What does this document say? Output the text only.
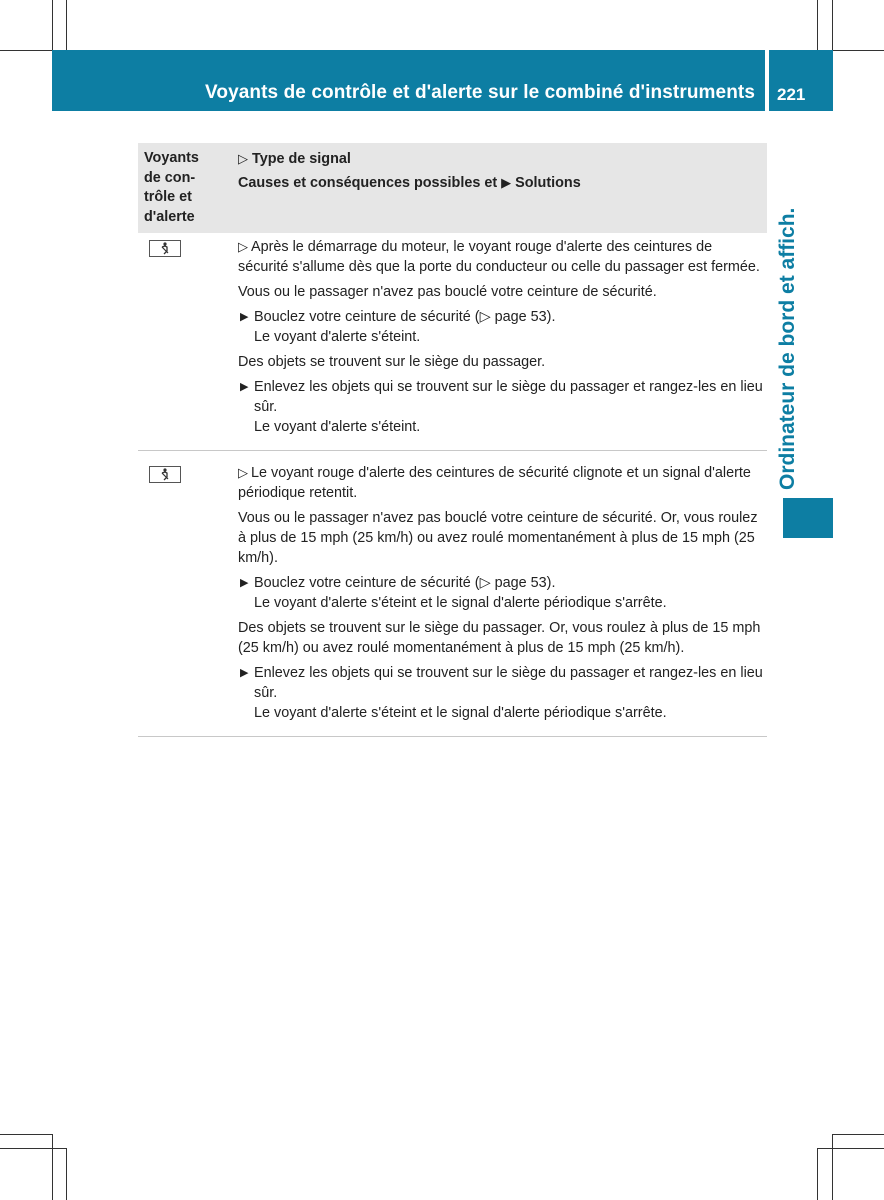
Voyants de contrôle et d'alerte sur le combiné d'instruments 221
Ordinateur de bord et affich.
Voyants
de con-
trôle et
d'alerte
▷ Type de signal
Causes et conséquences possibles et ▶ Solutions

▷ Après le démarrage du moteur, le voyant rouge d'alerte des ceintures de sécurité s'allume dès que la porte du conducteur ou celle du passager est fermée.

Vous ou le passager n'avez pas bouclé votre ceinture de sécurité.

▶ Bouclez votre ceinture de sécurité (▷ page 53).
Le voyant d'alerte s'éteint.

Des objets se trouvent sur le siège du passager.

▶ Enlevez les objets qui se trouvent sur le siège du passager et rangez-les en lieu sûr.
Le voyant d'alerte s'éteint.

▷ Le voyant rouge d'alerte des ceintures de sécurité clignote et un signal d'alerte périodique retentit.

Vous ou le passager n'avez pas bouclé votre ceinture de sécurité. Or, vous roulez à plus de 15 mph (25 km/h) ou avez roulé momentanément à plus de 15 mph (25 km/h).

▶ Bouclez votre ceinture de sécurité (▷ page 53).
Le voyant d'alerte s'éteint et le signal d'alerte périodique s'arrête.

Des objets se trouvent sur le siège du passager. Or, vous roulez à plus de 15 mph (25 km/h) ou avez roulé momentanément à plus de 15 mph (25 km/h).

▶ Enlevez les objets qui se trouvent sur le siège du passager et rangez-les en lieu sûr.
Le voyant d'alerte s'éteint et le signal d'alerte périodique s'arrête.
